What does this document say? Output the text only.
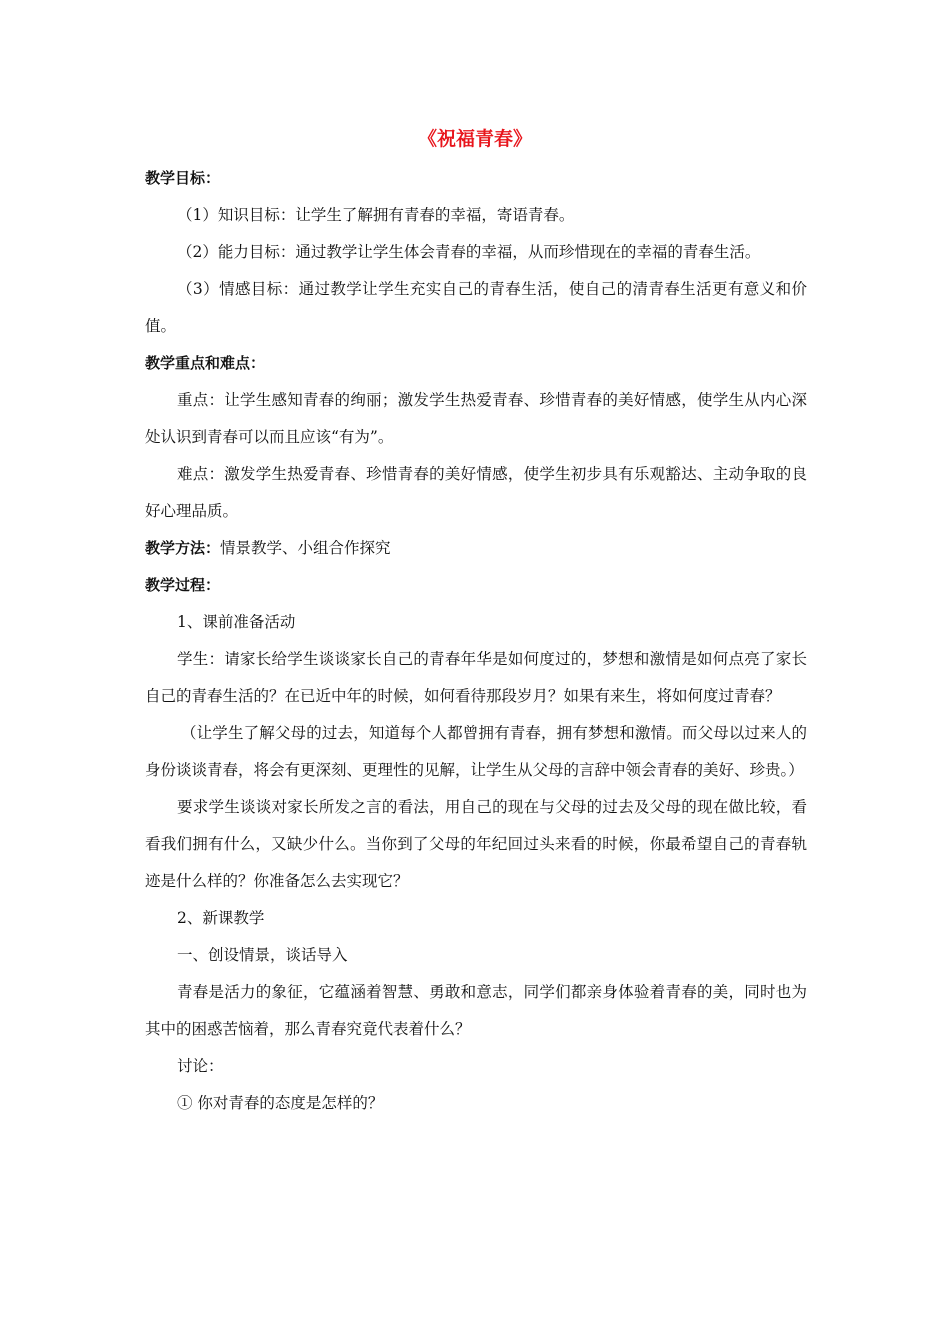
《祝福青春》

教学目标：

（1）知识目标：让学生了解拥有青春的幸福，寄语青春。

（2）能力目标：通过教学让学生体会青春的幸福，从而珍惜现在的幸福的青春生活。

（3）情感目标：通过教学让学生充实自己的青春生活，使自己的清青春生活更有意义和价值。

教学重点和难点：

重点：让学生感知青春的绚丽；激发学生热爱青春、珍惜青春的美好情感，使学生从内心深处认识到青春可以而且应该“有为”。

难点：激发学生热爱青春、珍惜青春的美好情感，使学生初步具有乐观豁达、主动争取的良好心理品质。

教学方法：情景教学、小组合作探究

教学过程：

1、课前准备活动

学生：请家长给学生谈谈家长自己的青春年华是如何度过的，梦想和激情是如何点亮了家长自己的青春生活的？在已近中年的时候，如何看待那段岁月？如果有来生，将如何度过青春？

（让学生了解父母的过去，知道每个人都曾拥有青春，拥有梦想和激情。而父母以过来人的身份谈谈青春，将会有更深刻、更理性的见解，让学生从父母的言辞中领会青春的美好、珍贵。）

要求学生谈谈对家长所发之言的看法，用自己的现在与父母的过去及父母的现在做比较，看看我们拥有什么，又缺少什么。当你到了父母的年纪回过头来看的时候，你最希望自己的青春轨迹是什么样的？你准备怎么去实现它？

2、新课教学

一、创设情景，谈话导入

青春是活力的象征，它蕴涵着智慧、勇敢和意志，同学们都亲身体验着青春的美，同时也为其中的困惑苦恼着，那么青春究竟代表着什么？

讨论：

① 你对青春的态度是怎样的？
